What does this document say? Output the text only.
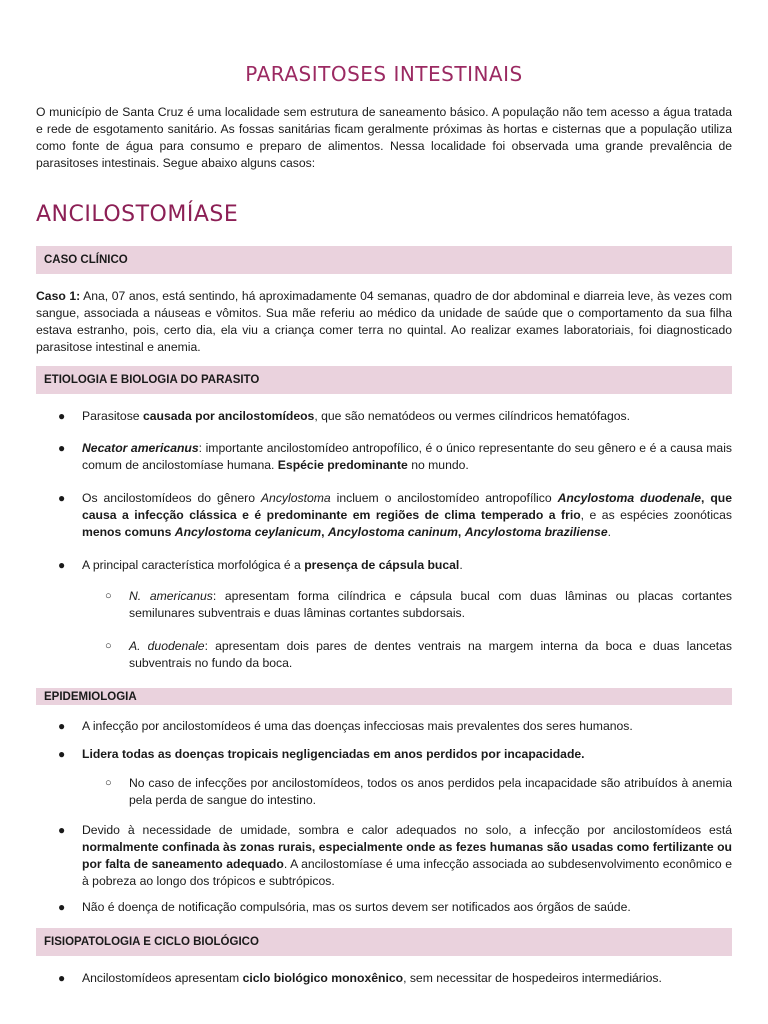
PARASITOSES INTESTINAIS
O município de Santa Cruz é uma localidade sem estrutura de saneamento básico. A população não tem acesso a água tratada e rede de esgotamento sanitário. As fossas sanitárias ficam geralmente próximas às hortas e cisternas que a população utiliza como fonte de água para consumo e preparo de alimentos. Nessa localidade foi observada uma grande prevalência de parasitoses intestinais. Segue abaixo alguns casos:
ANCILOSTOMÍASE
CASO CLÍNICO
Caso 1: Ana, 07 anos, está sentindo, há aproximadamente 04 semanas, quadro de dor abdominal e diarreia leve, às vezes com sangue, associada a náuseas e vômitos. Sua mãe referiu ao médico da unidade de saúde que o comportamento da sua filha estava estranho, pois, certo dia, ela viu a criança comer terra no quintal. Ao realizar exames laboratoriais, foi diagnosticado parasitose intestinal e anemia.
ETIOLOGIA E BIOLOGIA DO PARASITO
● Parasitose causada por ancilostomídeos, que são nematódeos ou vermes cilíndricos hematófagos.
● Necator americanus: importante ancilostomídeo antropofílico, é o único representante do seu gênero e é a causa mais comum de ancilostomíase humana. Espécie predominante no mundo.
● Os ancilostomídeos do gênero Ancylostoma incluem o ancilostomídeo antropofílico Ancylostoma duodenale, que causa a infecção clássica e é predominante em regiões de clima temperado a frio, e as espécies zoonóticas menos comuns Ancylostoma ceylanicum, Ancylostoma caninum, Ancylostoma braziliense.
● A principal característica morfológica é a presença de cápsula bucal.
○ N. americanus: apresentam forma cilíndrica e cápsula bucal com duas lâminas ou placas cortantes semilunares subventrais e duas lâminas cortantes subdorsais.
○ A. duodenale: apresentam dois pares de dentes ventrais na margem interna da boca e duas lancetas subventrais no fundo da boca.
EPIDEMIOLOGIA
● A infecção por ancilostomídeos é uma das doenças infecciosas mais prevalentes dos seres humanos.
● Lidera todas as doenças tropicais negligenciadas em anos perdidos por incapacidade.
○ No caso de infecções por ancilostomídeos, todos os anos perdidos pela incapacidade são atribuídos à anemia pela perda de sangue do intestino.
● Devido à necessidade de umidade, sombra e calor adequados no solo, a infecção por ancilostomídeos está normalmente confinada às zonas rurais, especialmente onde as fezes humanas são usadas como fertilizante ou por falta de saneamento adequado. A ancilostomíase é uma infecção associada ao subdesenvolvimento econômico e à pobreza ao longo dos trópicos e subtrópicos.
● Não é doença de notificação compulsória, mas os surtos devem ser notificados aos órgãos de saúde.
FISIOPATOLOGIA E CICLO BIOLÓGICO
● Ancilostomídeos apresentam ciclo biológico monoxênico, sem necessitar de hospedeiros intermediários.
